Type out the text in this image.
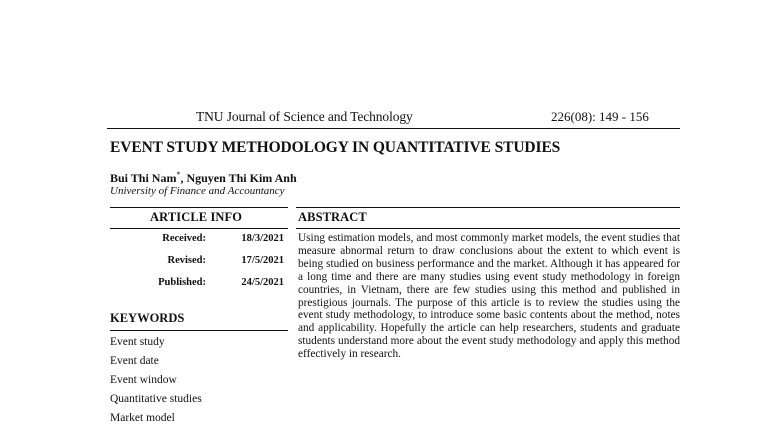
TNU Journal of Science and Technology	226(08): 149 - 156
EVENT STUDY METHODOLOGY IN QUANTITATIVE STUDIES
Bui Thi Nam*, Nguyen Thi Kim Anh
University of Finance and Accountancy
ARTICLE INFO	ABSTRACT
Received:	18/3/2021
Revised:	17/5/2021
Published:	24/5/2021
KEYWORDS
Event study
Event date
Event window
Quantitative studies
Market model

Using estimation models, and most commonly market models, the event studies that measure abnormal return to draw conclusions about the extent to which event is being studied on business performance and the market. Although it has appeared for a long time and there are many studies using event study methodology in foreign countries, in Vietnam, there are few studies using this method and published in prestigious journals. The purpose of this article is to review the studies using the event study methodology, to introduce some basic contents about the method, notes and applicability. Hopefully the article can help researchers, students and graduate students understand more about the event study methodology and apply this method effectively in research.
